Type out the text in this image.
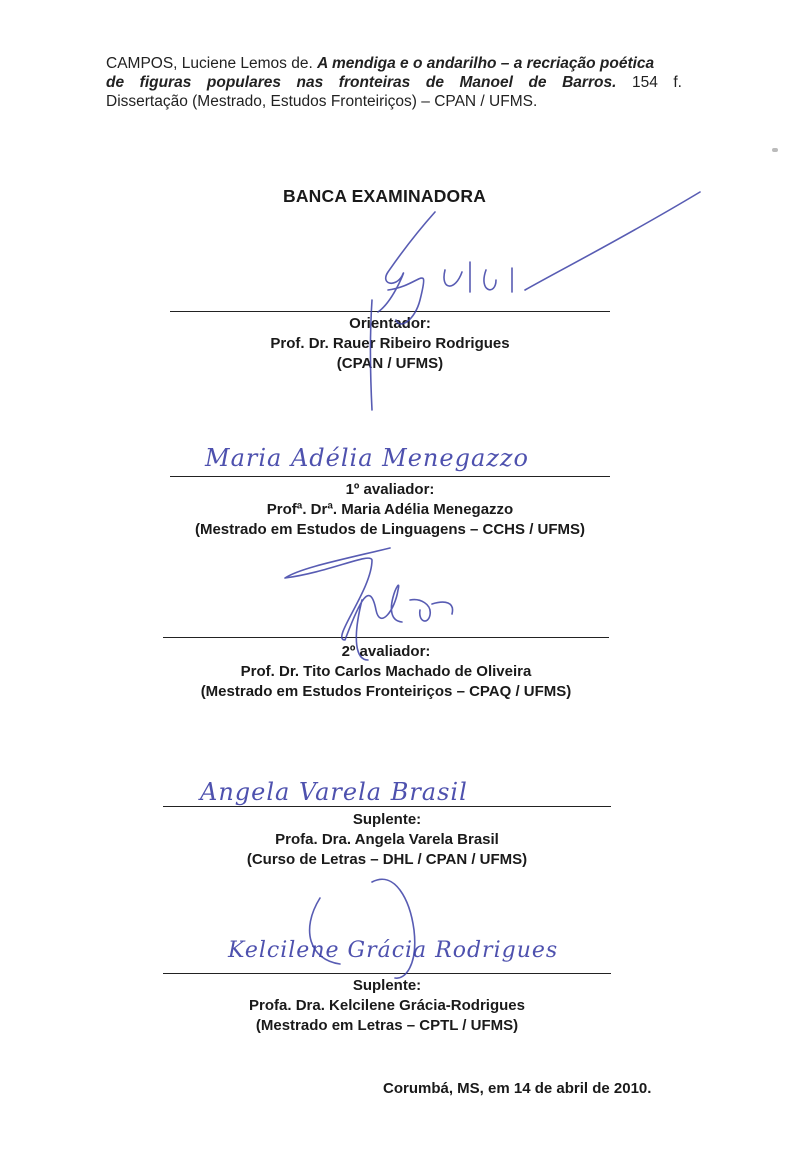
CAMPOS, Luciene Lemos de. A mendiga e o andarilho – a recriação poética
de figuras populares nas fronteiras de Manoel de Barros. 154 f.
Dissertação (Mestrado, Estudos Fronteiriços) – CPAN / UFMS.
BANCA EXAMINADORA
Orientador:
Prof. Dr. Rauer Ribeiro Rodrigues
(CPAN / UFMS)
1º avaliador:
Profª. Drª. Maria Adélia Menegazzo
(Mestrado em Estudos de Linguagens – CCHS / UFMS)
2º avaliador:
Prof. Dr. Tito Carlos Machado de Oliveira
(Mestrado em Estudos Fronteiriços – CPAQ / UFMS)
Suplente:
Profa. Dra. Angela Varela Brasil
(Curso de Letras – DHL / CPAN / UFMS)
Suplente:
Profa. Dra. Kelcilene Grácia-Rodrigues
(Mestrado em Letras – CPTL / UFMS)
Corumbá, MS, em 14 de abril de 2010.
Maria Adélia Menegazzo
Angela Varela Brasil
Kelcilene Grácia Rodrigues
